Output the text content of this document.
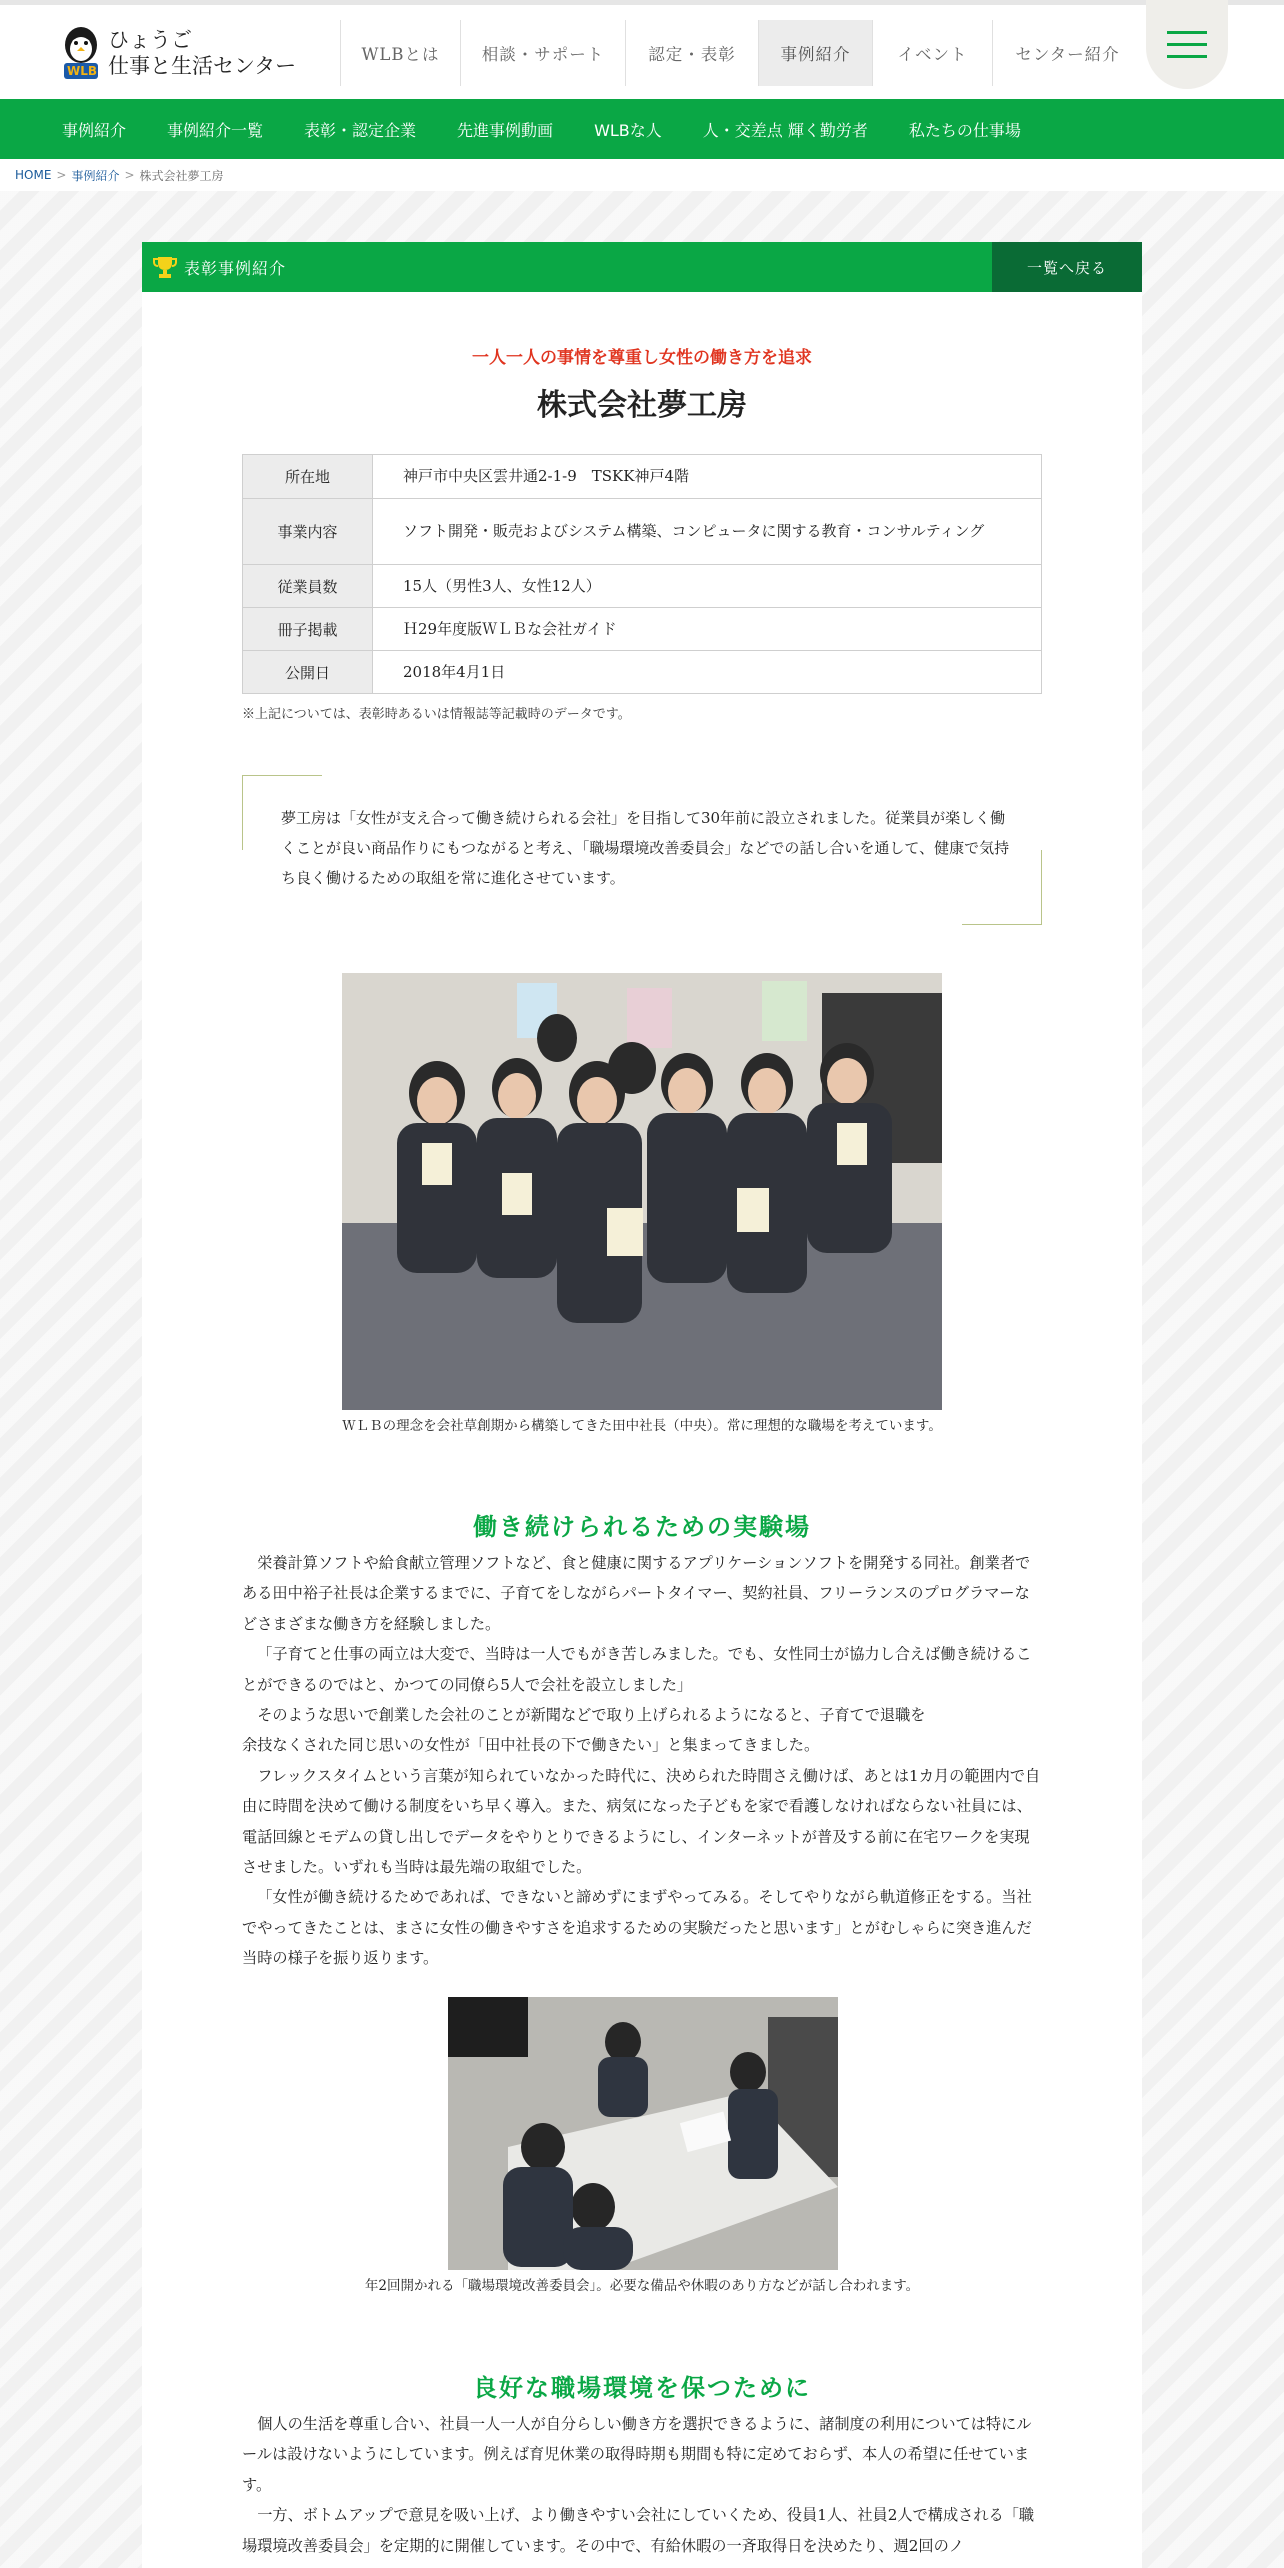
WLB
ひょうご
仕事と生活センター	WLBとは	相談・サポート	認定・表彰	事例紹介	イベント	センター紹介
事例紹介	事例紹介一覧	表彰・認定企業	先進事例動画	WLBな人	人・交差点 輝く勤労者	私たちの仕事場
HOME > 事例紹介 > 株式会社夢工房
表彰事例紹介	一覧へ戻る
一人一人の事情を尊重し女性の働き方を追求
株式会社夢工房
所在地	神戸市中央区雲井通2-1-9　TSKK神戸4階
事業内容	ソフト開発・販売およびシステム構築、コンピュータに関する教育・コンサルティング
従業員数	15人（男性3人、女性12人）
冊子掲載	Ｈ29年度版ＷＬＢな会社ガイド
公開日	2018年4月1日

※上記については、表彰時あるいは情報誌等記載時のデータです。

夢工房は「女性が支え合って働き続けられる会社」を目指して30年前に設立されました。従業員が楽しく働くことが良い商品作りにもつながると考え、「職場環境改善委員会」などでの話し合いを通して、健康で気持ち良く働けるための取組を常に進化させています。

ＷＬＢの理念を会社草創期から構築してきた田中社長（中央）。常に理想的な職場を考えています。

働き続けられるための実験場

栄養計算ソフトや給食献立管理ソフトなど、食と健康に関するアプリケーションソフトを開発する同社。創業者である田中裕子社長は企業するまでに、子育てをしながらパートタイマー、契約社員、フリーランスのプログラマーなどさまざまな働き方を経験しました。

「子育てと仕事の両立は大変で、当時は一人でもがき苦しみました。でも、女性同士が協力し合えば働き続けることができるのではと、かつての同僚ら5人で会社を設立しました」

そのような思いで創業した会社のことが新聞などで取り上げられるようになると、子育てで退職を

余技なくされた同じ思いの女性が「田中社長の下で働きたい」と集まってきました。

フレックスタイムという言葉が知られていなかった時代に、決められた時間さえ働けば、あとは1カ月の範囲内で自由に時間を決めて働ける制度をいち早く導入。また、病気になった子どもを家で看護しなければならない社員には、電話回線とモデムの貸し出しでデータをやりとりできるようにし、インターネットが普及する前に在宅ワークを実現させました。いずれも当時は最先端の取組でした。

「女性が働き続けるためであれば、できないと諦めずにまずやってみる。そしてやりながら軌道修正をする。当社でやってきたことは、まさに女性の働きやすさを追求するための実験だったと思います」とがむしゃらに突き進んだ当時の様子を振り返ります。

年2回開かれる「職場環境改善委員会」。必要な備品や休暇のあり方などが話し合われます。

良好な職場環境を保つために

個人の生活を尊重し合い、社員一人一人が自分らしい働き方を選択できるように、諸制度の利用については特にルールは設けないようにしています。例えば育児休業の取得時期も期間も特に定めておらず、本人の希望に任せています。

一方、ボトムアップで意見を吸い上げ、より働きやすい会社にしていくため、役員1人、社員2人で構成される「職場環境改善委員会」を定期的に開催しています。その中で、有給休暇の一斉取得日を決めたり、週2回のノ
